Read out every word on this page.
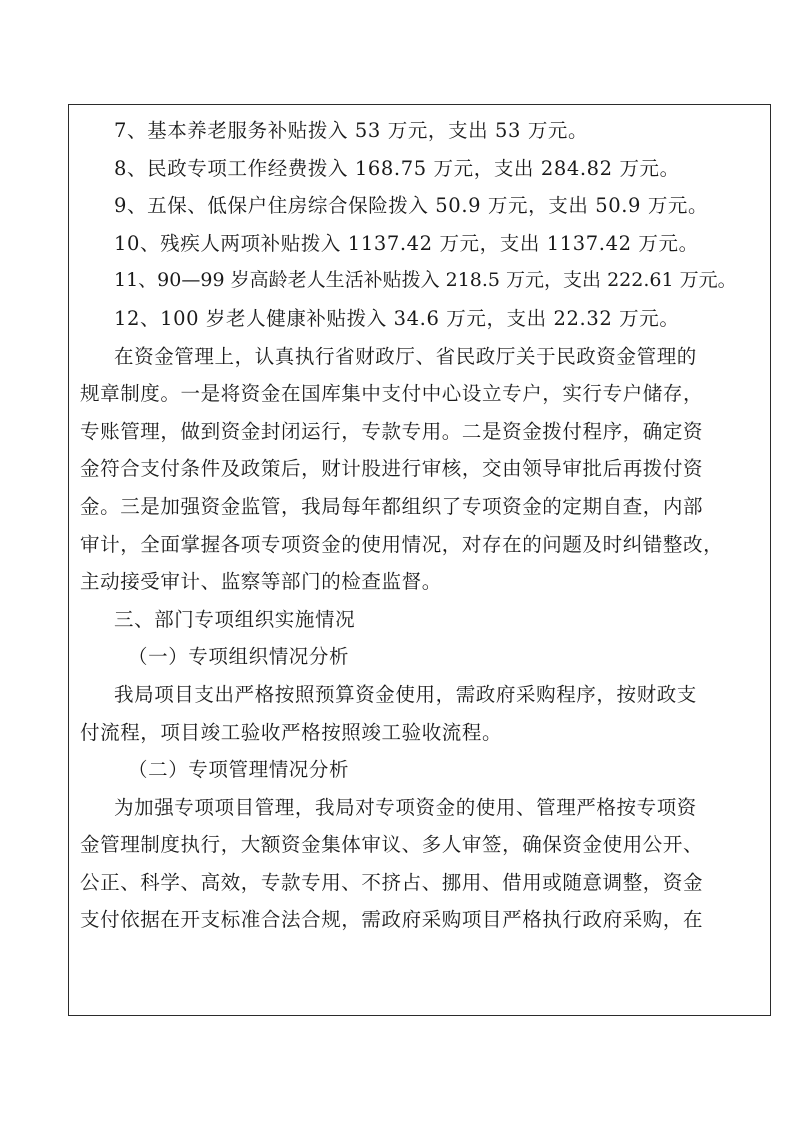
7、基本养老服务补贴拨入 53 万元，支出 53 万元。
8、民政专项工作经费拨入 168.75 万元，支出 284.82 万元。
9、五保、低保户住房综合保险拨入 50.9 万元，支出 50.9 万元。
10、残疾人两项补贴拨入 1137.42 万元，支出 1137.42 万元。
11、90—99 岁高龄老人生活补贴拨入 218.5 万元，支出 222.61 万元。
12、100 岁老人健康补贴拨入 34.6 万元，支出 22.32 万元。
在资金管理上，认真执行省财政厅、省民政厅关于民政资金管理的
规章制度。一是将资金在国库集中支付中心设立专户，实行专户储存，
专账管理，做到资金封闭运行，专款专用。二是资金拨付程序，确定资
金符合支付条件及政策后，财计股进行审核，交由领导审批后再拨付资
金。三是加强资金监管，我局每年都组织了专项资金的定期自查，内部
审计，全面掌握各项专项资金的使用情况，对存在的问题及时纠错整改，
主动接受审计、监察等部门的检查监督。
三、部门专项组织实施情况
（一）专项组织情况分析
我局项目支出严格按照预算资金使用，需政府采购程序，按财政支
付流程，项目竣工验收严格按照竣工验收流程。
（二）专项管理情况分析
为加强专项项目管理，我局对专项资金的使用、管理严格按专项资
金管理制度执行，大额资金集体审议、多人审签，确保资金使用公开、
公正、科学、高效，专款专用、不挤占、挪用、借用或随意调整，资金
支付依据在开支标准合法合规，需政府采购项目严格执行政府采购，在
